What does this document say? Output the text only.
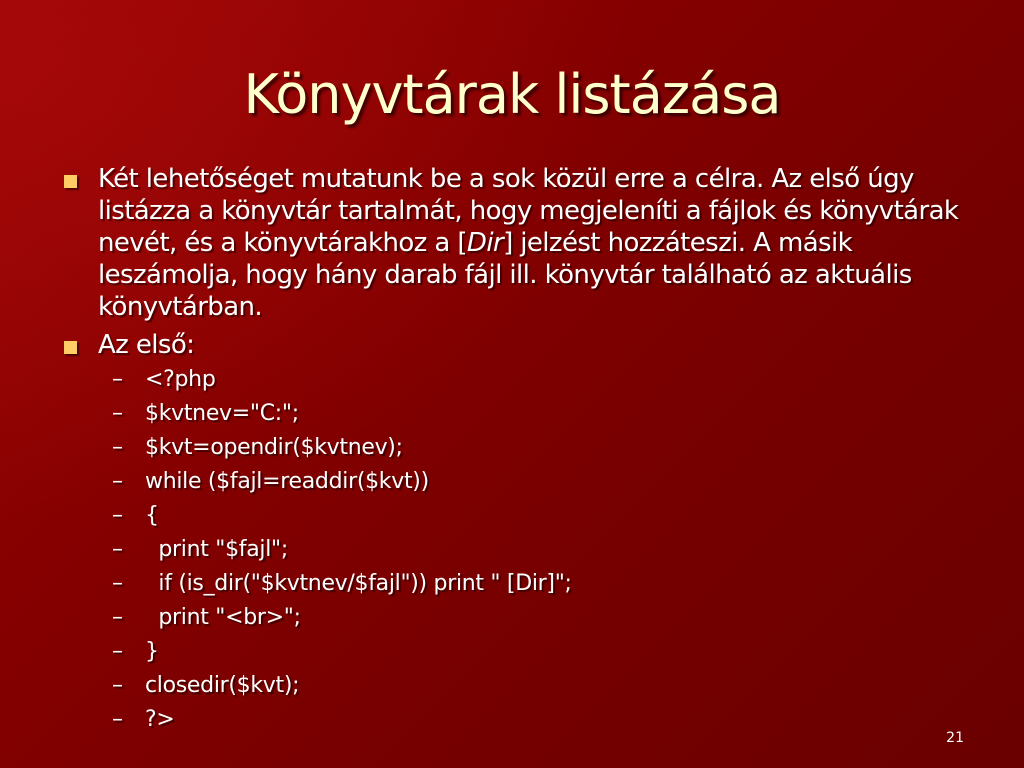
Könyvtárak listázása
Két lehetőséget mutatunk be a sok közül erre a célra. Az első úgy listázza a könyvtár tartalmát, hogy megjeleníti a fájlok és könyvtárak nevét, és a könyvtárakhoz a [Dir] jelzést hozzáteszi. A másik leszámolja, hogy hány darab fájl ill. könyvtár található az aktuális könyvtárban.
Az első:
– <?php
– $kvtnev="C:";
– $kvt=opendir($kvtnev);
– while ($fajl=readdir($kvt))
– {
– print "$fajl";
– if (is_dir("$kvtnev/$fajl")) print " [Dir]";
– print "<br>";
– }
– closedir($kvt);
– ?>
21
